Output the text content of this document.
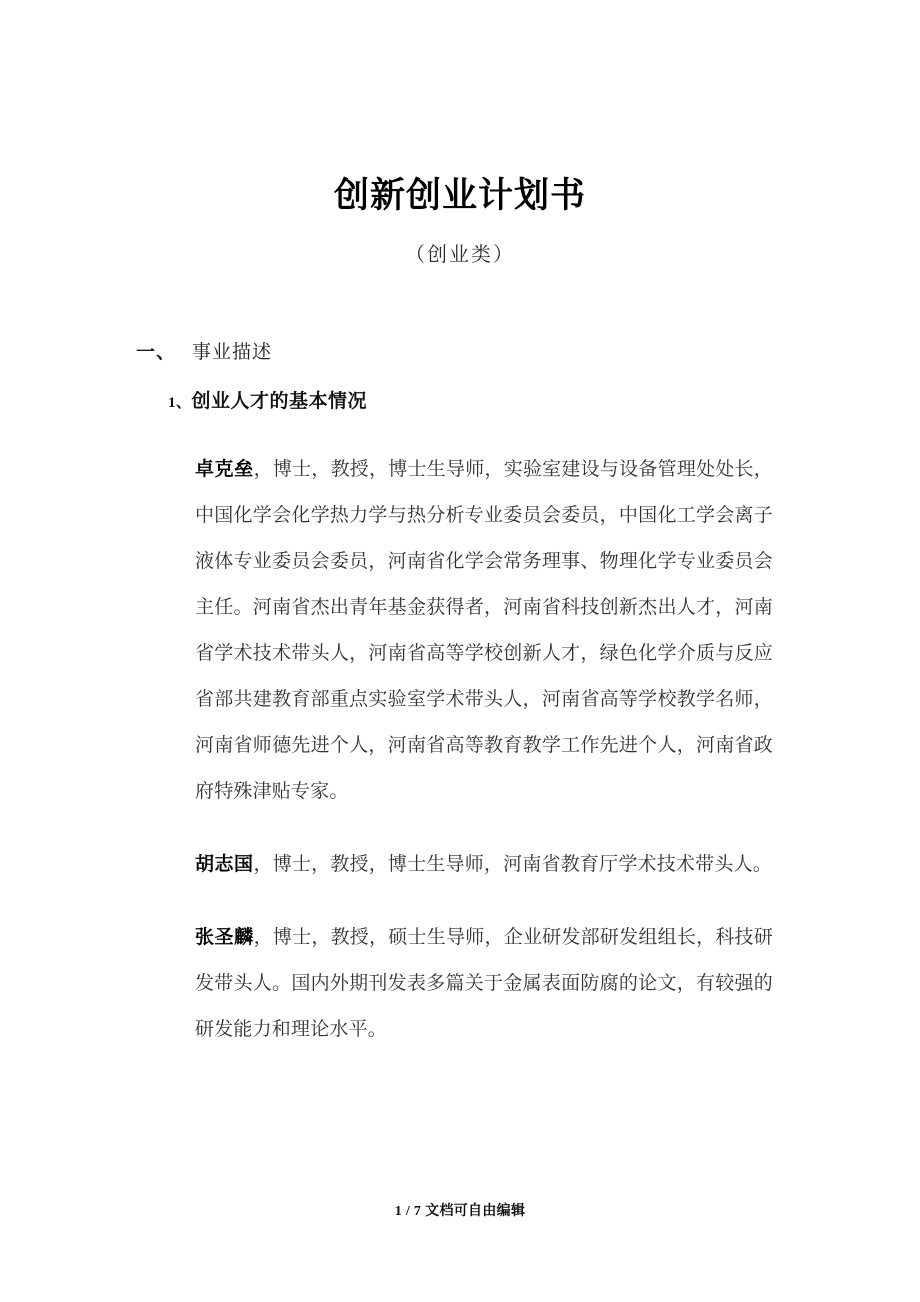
创新创业计划书
（创业类）
一、 事业描述
1、创业人才的基本情况

卓克垒，博士，教授，博士生导师，实验室建设与设备管理处处长，中国化学会化学热力学与热分析专业委员会委员，中国化工学会离子液体专业委员会委员，河南省化学会常务理事、物理化学专业委员会主任。河南省杰出青年基金获得者，河南省科技创新杰出人才，河南省学术技术带头人，河南省高等学校创新人才，绿色化学介质与反应省部共建教育部重点实验室学术带头人，河南省高等学校教学名师，河南省师德先进个人，河南省高等教育教学工作先进个人，河南省政府特殊津贴专家。

胡志国，博士，教授，博士生导师，河南省教育厅学术技术带头人。

张圣麟，博士，教授，硕士生导师，企业研发部研发组组长，科技研发带头人。国内外期刊发表多篇关于金属表面防腐的论文，有较强的研发能力和理论水平。

1 / 7 文档可自由编辑
